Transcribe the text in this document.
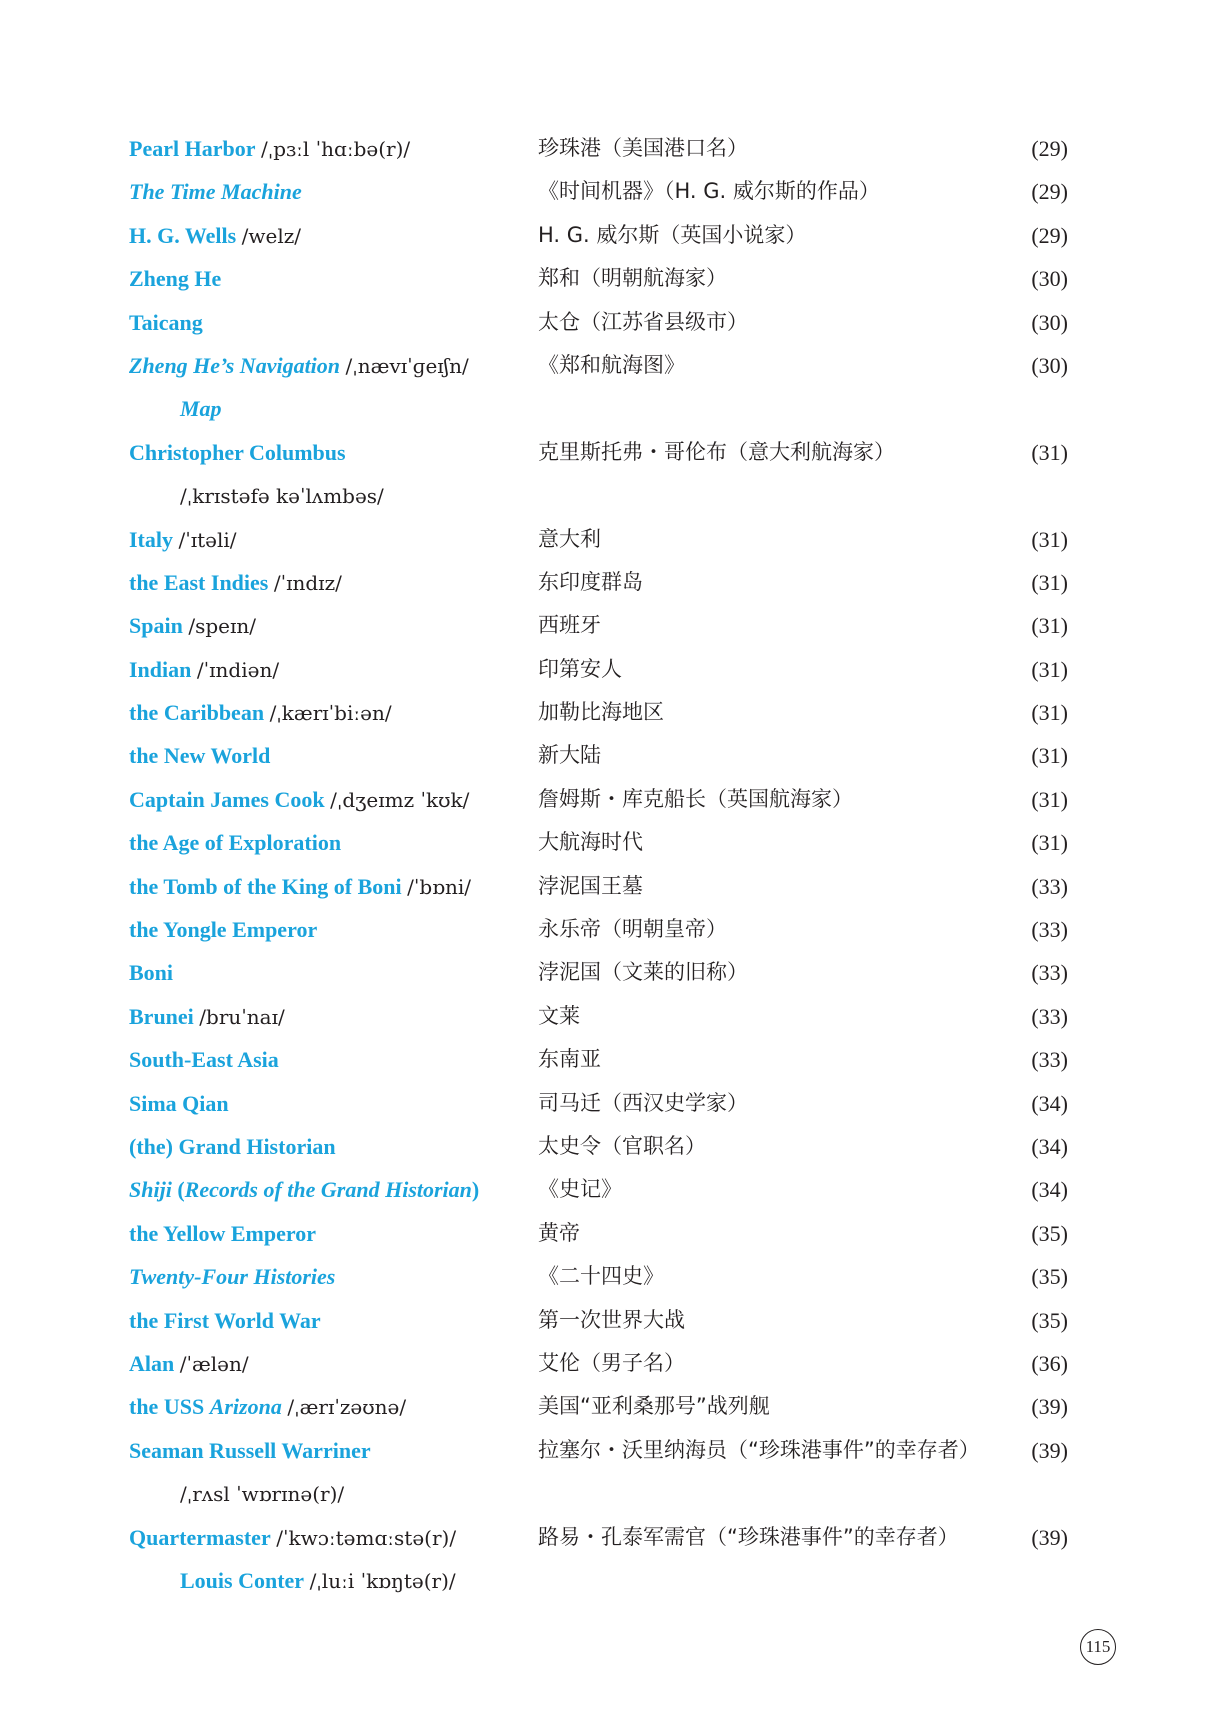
Pearl Harbor /ˌpɜːl ˈhɑːbə(r)/	珍珠港（美国港口名）	(29)
The Time Machine	《时间机器》（H. G. 威尔斯的作品）	(29)
H. G. Wells /welz/	H. G. 威尔斯（英国小说家）	(29)
Zheng He	郑和（明朝航海家）	(30)
Taicang	太仓（江苏省县级市）	(30)
Zheng He’s Navigation /ˌnævɪˈɡeɪʃn/	《郑和航海图》	(30)
Map
Christopher Columbus	克里斯托弗・哥伦布（意大利航海家）	(31)
/ˌkrɪstəfə kəˈlʌmbəs/
Italy /ˈɪtəli/	意大利	(31)
the East Indies /ˈɪndɪz/	东印度群岛	(31)
Spain /speɪn/	西班牙	(31)
Indian /ˈɪndiən/	印第安人	(31)
the Caribbean /ˌkærɪˈbiːən/	加勒比海地区	(31)
the New World	新大陆	(31)
Captain James Cook /ˌdʒeɪmz ˈkʊk/	詹姆斯・库克船长（英国航海家）	(31)
the Age of Exploration	大航海时代	(31)
the Tomb of the King of Boni /ˈbɒni/	浡泥国王墓	(33)
the Yongle Emperor	永乐帝（明朝皇帝）	(33)
Boni	浡泥国（文莱的旧称）	(33)
Brunei /bruˈnaɪ/	文莱	(33)
South-East Asia	东南亚	(33)
Sima Qian	司马迁（西汉史学家）	(34)
(the) Grand Historian	太史令（官职名）	(34)
Shiji (Records of the Grand Historian)	《史记》	(34)
the Yellow Emperor	黄帝	(35)
Twenty-Four Histories	《二十四史》	(35)
the First World War	第一次世界大战	(35)
Alan /ˈælən/	艾伦（男子名）	(36)
the USS Arizona /ˌærɪˈzəʊnə/	美国“亚利桑那号”战列舰	(39)
Seaman Russell Warriner	拉塞尔・沃里纳海员（“珍珠港事件”的幸存者） (39)
/ˌrʌsl ˈwɒrɪnə(r)/
Quartermaster /ˈkwɔːtəmɑːstə(r)/	路易・孔泰军需官（“珍珠港事件”的幸存者）	(39)
Louis Conter /ˌluːi ˈkɒŋtə(r)/
115
